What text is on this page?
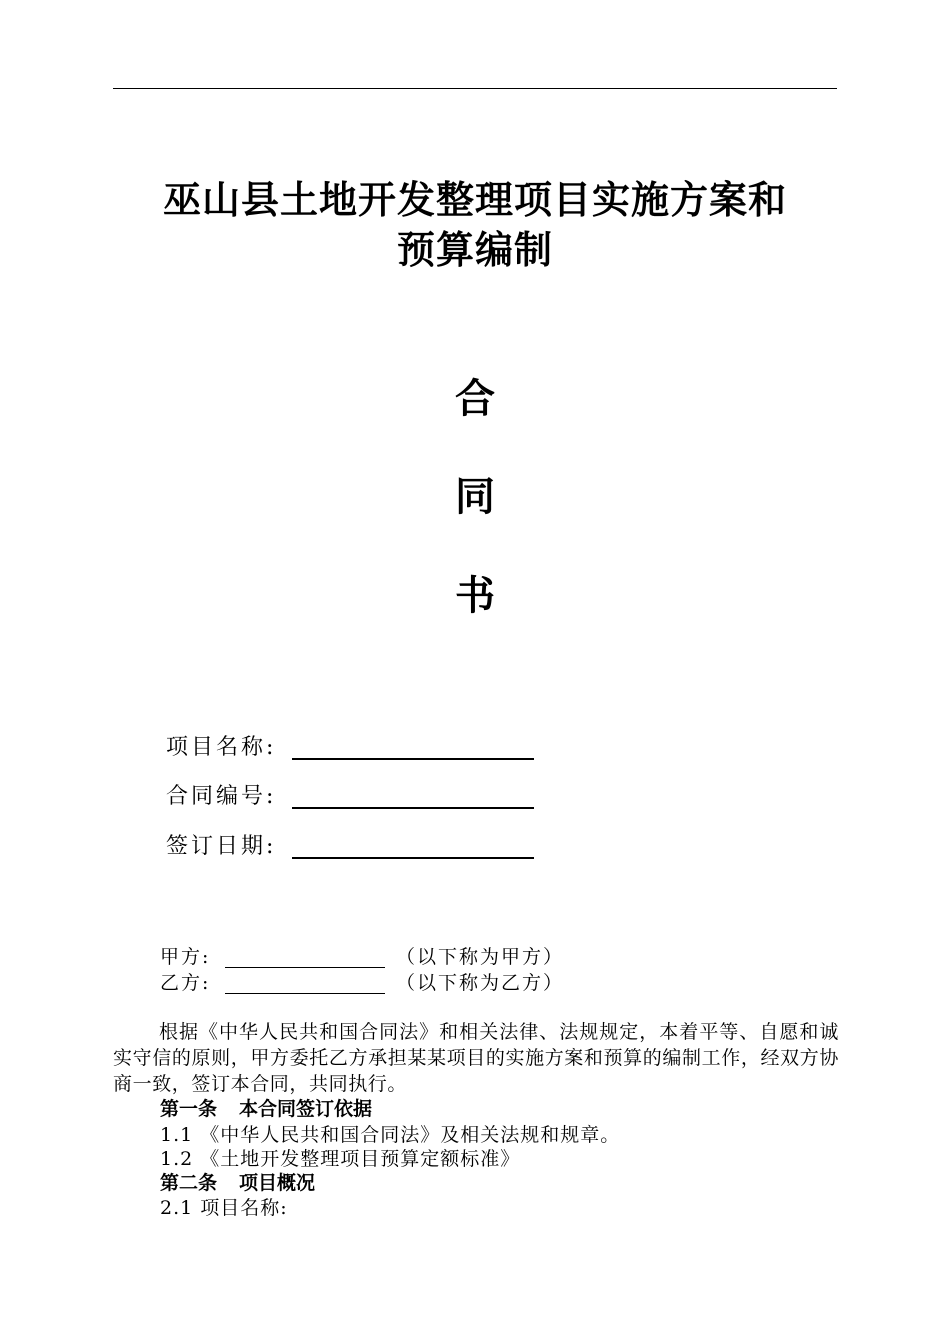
巫山县土地开发整理项目实施方案和
预算编制
合
同
书
项目名称:
合同编号:
签订日期:
甲方:	（以下称为甲方）
乙方:	（以下称为乙方）
根据《中华人民共和国合同法》和相关法律、法规规定，本着平等、自愿和诚实守信的原则，甲方委托乙方承担某某项目的实施方案和预算的编制工作，经双方协商一致，签订本合同，共同执行。
第一条 本合同签订依据
1.1 《中华人民共和国合同法》及相关法规和规章。
1.2 《土地开发整理项目预算定额标准》
第二条 项目概况
2.1 项目名称:
